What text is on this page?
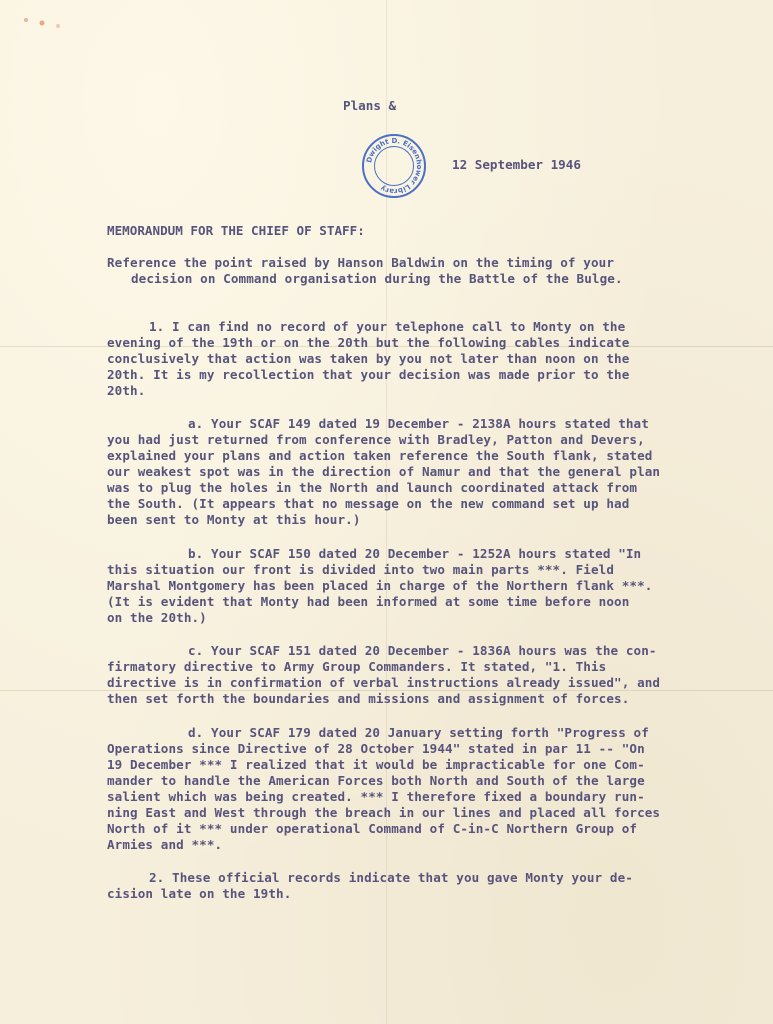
Plans &
Dwight D. Eisenhower Library
12 September 1946
MEMORANDUM FOR THE CHIEF OF STAFF:
Reference the point raised by Hanson Baldwin on the timing of your
decision on Command organisation during the Battle of the Bulge.
1. I can find no record of your telephone call to Monty on the
evening of the 19th or on the 20th but the following cables indicate
conclusively that action was taken by you not later than noon on the
20th. It is my recollection that your decision was made prior to the
20th.
a. Your SCAF 149 dated 19 December - 2138A hours stated that
you had just returned from conference with Bradley, Patton and Devers,
explained your plans and action taken reference the South flank, stated
our weakest spot was in the direction of Namur and that the general plan
was to plug the holes in the North and launch coordinated attack from
the South. (It appears that no message on the new command set up had
been sent to Monty at this hour.)
b. Your SCAF 150 dated 20 December - 1252A hours stated "In
this situation our front is divided into two main parts ***. Field
Marshal Montgomery has been placed in charge of the Northern flank ***.
(It is evident that Monty had been informed at some time before noon
on the 20th.)
c. Your SCAF 151 dated 20 December - 1836A hours was the con-
firmatory directive to Army Group Commanders. It stated, "1. This
directive is in confirmation of verbal instructions already issued", and
then set forth the boundaries and missions and assignment of forces.
d. Your SCAF 179 dated 20 January setting forth "Progress of
Operations since Directive of 28 October 1944" stated in par 11 -- "On
19 December *** I realized that it would be impracticable for one Com-
mander to handle the American Forces both North and South of the large
salient which was being created. *** I therefore fixed a boundary run-
ning East and West through the breach in our lines and placed all forces
North of it *** under operational Command of C-in-C Northern Group of
Armies and ***.
2. These official records indicate that you gave Monty your de-
cision late on the 19th.
